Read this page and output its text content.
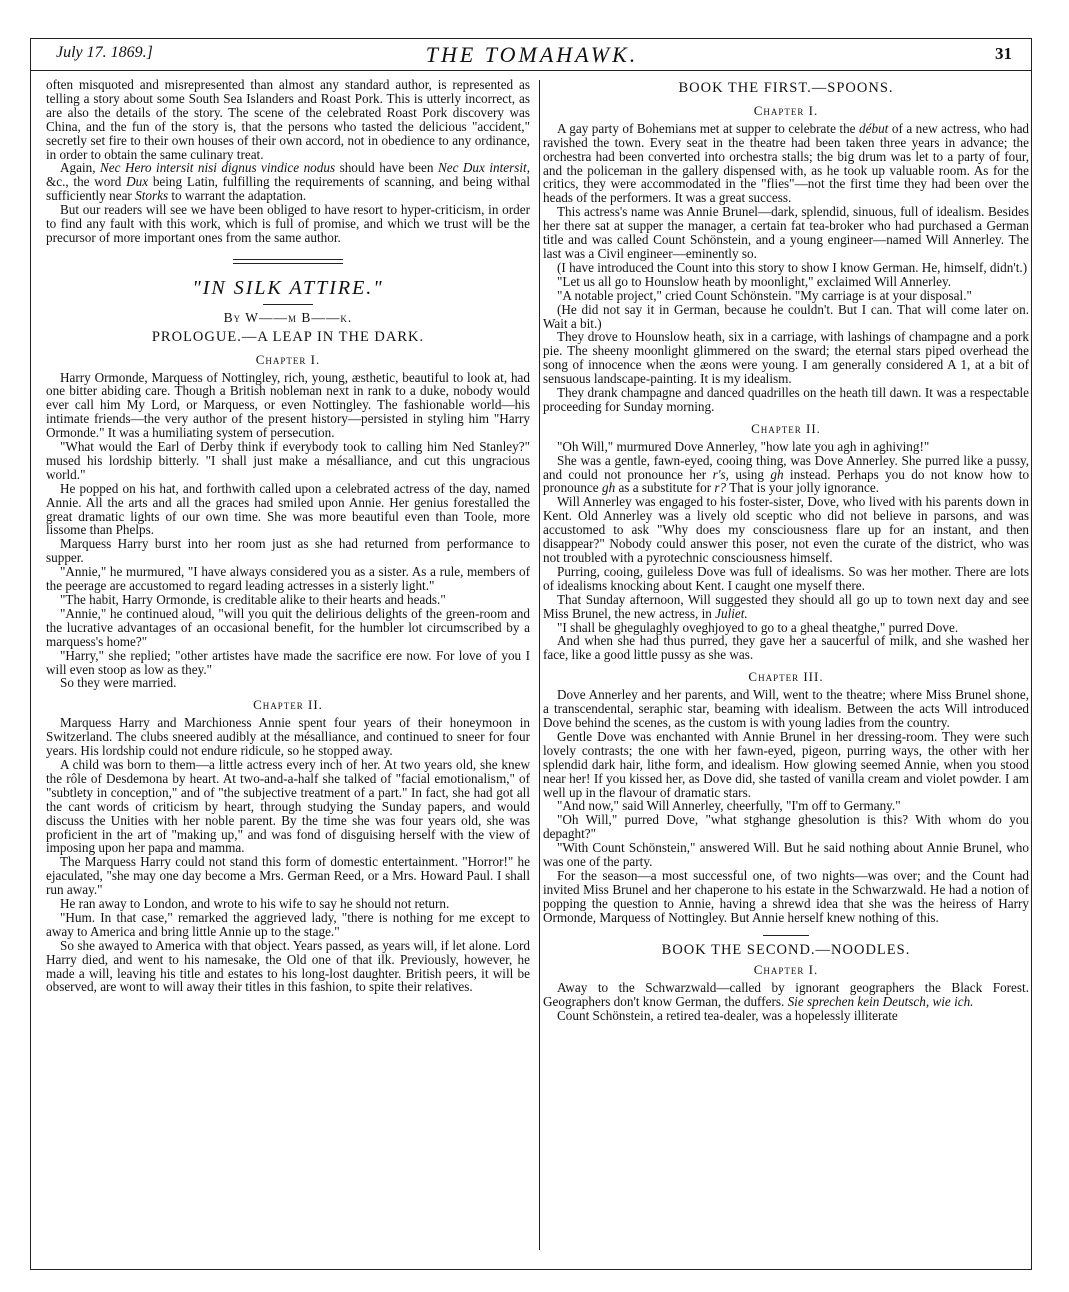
July 17. 1869.]	THE TOMAHAWK.	31

often misquoted and misrepresented than almost any standard author, is represented as telling a story about some South Sea Islanders and Roast Pork. This is utterly incorrect, as are also the details of the story. The scene of the celebrated Roast Pork discovery was China, and the fun of the story is, that the persons who tasted the delicious "accident," secretly set fire to their own houses of their own accord, not in obedience to any ordinance, in order to obtain the same culinary treat.

Again, Nec Hero intersit nisi dignus vindice nodus should have been Nec Dux intersit, &c., the word Dux being Latin, fulfilling the requirements of scanning, and being withal sufficiently near Storks to warrant the adaptation.

But our readers will see we have been obliged to have resort to hyper-criticism, in order to find any fault with this work, which is full of promise, and which we trust will be the precursor of more important ones from the same author.

"IN SILK ATTIRE."
By W——m B——k.
PROLOGUE.—A LEAP IN THE DARK.
Chapter I.

Harry Ormonde, Marquess of Nottingley, rich, young, æsthetic, beautiful to look at, had one bitter abiding care. Though a British nobleman next in rank to a duke, nobody would ever call him My Lord, or Marquess, or even Nottingley. The fashionable world—his intimate friends—the very author of the present history—persisted in styling him "Harry Ormonde." It was a humiliating system of persecution.

"What would the Earl of Derby think if everybody took to calling him Ned Stanley?" mused his lordship bitterly. "I shall just make a mésalliance, and cut this ungracious world."

He popped on his hat, and forthwith called upon a celebrated actress of the day, named Annie. All the arts and all the graces had smiled upon Annie. Her genius forestalled the great dramatic lights of our own time. She was more beautiful even than Toole, more lissome than Phelps.

Marquess Harry burst into her room just as she had returned from performance to supper.

"Annie," he murmured, "I have always considered you as a sister. As a rule, members of the peerage are accustomed to regard leading actresses in a sisterly light."

"The habit, Harry Ormonde, is creditable alike to their hearts and heads."

"Annie," he continued aloud, "will you quit the delirious delights of the green-room and the lucrative advantages of an occasional benefit, for the humbler lot circumscribed by a marquess's home?"

"Harry," she replied; "other artistes have made the sacrifice ere now. For love of you I will even stoop as low as they."

So they were married.

Chapter II.

Marquess Harry and Marchioness Annie spent four years of their honeymoon in Switzerland. The clubs sneered audibly at the mésalliance, and continued to sneer for four years. His lordship could not endure ridicule, so he stopped away.

A child was born to them—a little actress every inch of her. At two years old, she knew the rôle of Desdemona by heart. At two-and-a-half she talked of "facial emotionalism," of "subtlety in conception," and of "the subjective treatment of a part." In fact, she had got all the cant words of criticism by heart, through studying the Sunday papers, and would discuss the Unities with her noble parent. By the time she was four years old, she was proficient in the art of "making up," and was fond of disguising herself with the view of imposing upon her papa and mamma.

The Marquess Harry could not stand this form of domestic entertainment. "Horror!" he ejaculated, "she may one day become a Mrs. German Reed, or a Mrs. Howard Paul. I shall run away."

He ran away to London, and wrote to his wife to say he should not return.

"Hum. In that case," remarked the aggrieved lady, "there is nothing for me except to away to America and bring little Annie up to the stage."

So she awayed to America with that object. Years passed, as years will, if let alone. Lord Harry died, and went to his namesake, the Old one of that ilk. Previously, however, he made a will, leaving his title and estates to his long-lost daughter. British peers, it will be observed, are wont to will away their titles in this fashion, to spite their relatives.

BOOK THE FIRST.—SPOONS.
Chapter I.

A gay party of Bohemians met at supper to celebrate the début of a new actress, who had ravished the town. Every seat in the theatre had been taken three years in advance; the orchestra had been converted into orchestra stalls; the big drum was let to a party of four, and the policeman in the gallery dispensed with, as he took up valuable room. As for the critics, they were accommodated in the "flies"—not the first time they had been over the heads of the performers. It was a great success.

This actress's name was Annie Brunel—dark, splendid, sinuous, full of idealism. Besides her there sat at supper the manager, a certain fat tea-broker who had purchased a German title and was called Count Schönstein, and a young engineer—named Will Annerley. The last was a Civil engineer—eminently so.

(I have introduced the Count into this story to show I know German. He, himself, didn't.)

"Let us all go to Hounslow heath by moonlight," exclaimed Will Annerley.

"A notable project," cried Count Schönstein. "My carriage is at your disposal."

(He did not say it in German, because he couldn't. But I can. That will come later on. Wait a bit.)

They drove to Hounslow heath, six in a carriage, with lashings of champagne and a pork pie. The sheeny moonlight glimmered on the sward; the eternal stars piped overhead the song of innocence when the æons were young. I am generally considered A 1, at a bit of sensuous landscape-painting. It is my idealism.

They drank champagne and danced quadrilles on the heath till dawn. It was a respectable proceeding for Sunday morning.

Chapter II.

"Oh Will," murmured Dove Annerley, "how late you agh in aghiving!"

She was a gentle, fawn-eyed, cooing thing, was Dove Annerley. She purred like a pussy, and could not pronounce her r's, using gh instead. Perhaps you do not know how to pronounce gh as a substitute for r? That is your jolly ignorance.

Will Annerley was engaged to his foster-sister, Dove, who lived with his parents down in Kent. Old Annerley was a lively old sceptic who did not believe in parsons, and was accustomed to ask "Why does my consciousness flare up for an instant, and then disappear?" Nobody could answer this poser, not even the curate of the district, who was not troubled with a pyrotechnic consciousness himself.

Purring, cooing, guileless Dove was full of idealisms. So was her mother. There are lots of idealisms knocking about Kent. I caught one myself there.

That Sunday afternoon, Will suggested they should all go up to town next day and see Miss Brunel, the new actress, in Juliet.

"I shall be ghegulaghly oveghjoyed to go to a gheal theatghe," purred Dove.

And when she had thus purred, they gave her a saucerful of milk, and she washed her face, like a good little pussy as she was.

Chapter III.

Dove Annerley and her parents, and Will, went to the theatre; where Miss Brunel shone, a transcendental, seraphic star, beaming with idealism. Between the acts Will introduced Dove behind the scenes, as the custom is with young ladies from the country.

Gentle Dove was enchanted with Annie Brunel in her dressing-room. They were such lovely contrasts; the one with her fawn-eyed, pigeon, purring ways, the other with her splendid dark hair, lithe form, and idealism. How glowing seemed Annie, when you stood near her! If you kissed her, as Dove did, she tasted of vanilla cream and violet powder. I am well up in the flavour of dramatic stars.

"And now," said Will Annerley, cheerfully, "I'm off to Germany."

"Oh Will," purred Dove, "what stghange ghesolution is this? With whom do you depaght?"

"With Count Schönstein," answered Will. But he said nothing about Annie Brunel, who was one of the party.

For the season—a most successful one, of two nights—was over; and the Count had invited Miss Brunel and her chaperone to his estate in the Schwarzwald. He had a notion of popping the question to Annie, having a shrewd idea that she was the heiress of Harry Ormonde, Marquess of Nottingley. But Annie herself knew nothing of this.

BOOK THE SECOND.—NOODLES.
Chapter I.

Away to the Schwarzwald—called by ignorant geographers the Black Forest. Geographers don't know German, the duffers. Sie sprechen kein Deutsch, wie ich.

Count Schönstein, a retired tea-dealer, was a hopelessly illiterate
